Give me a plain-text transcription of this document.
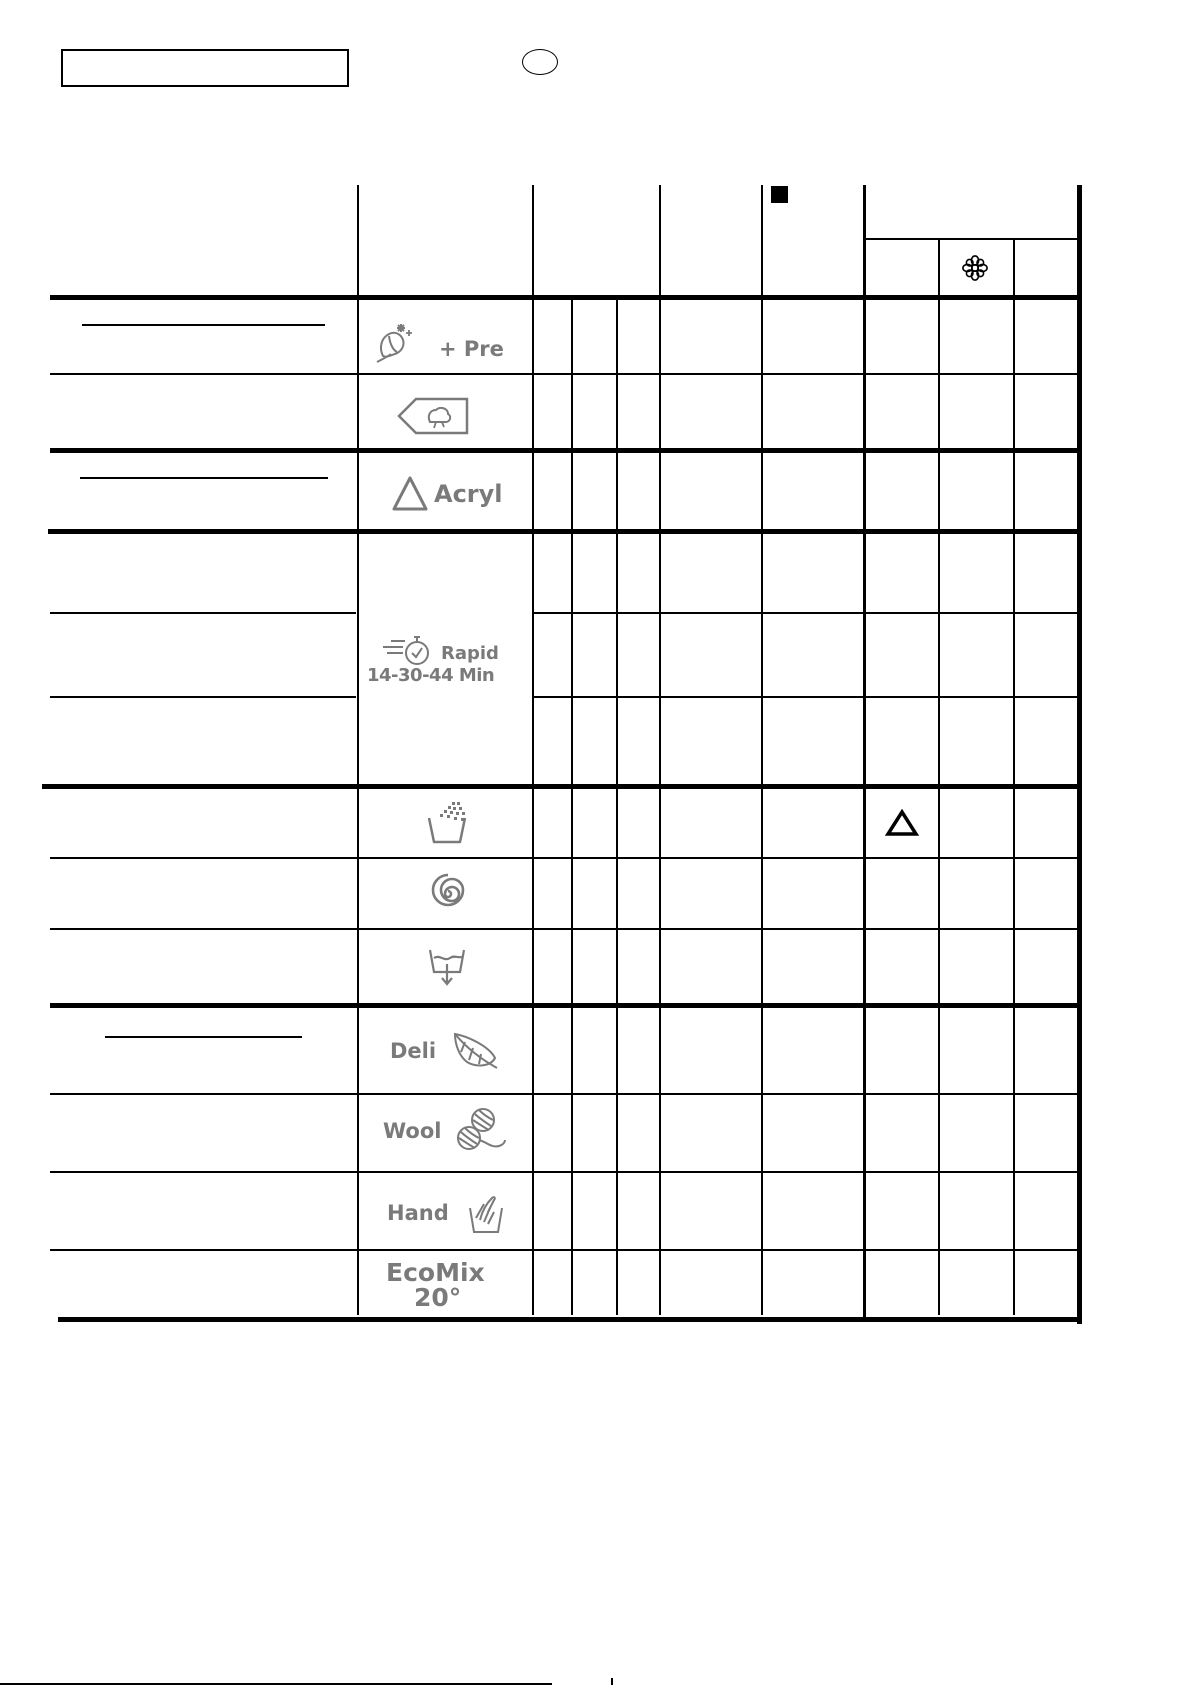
+ Pre
Acryl
Rapid
14-30-44 Min
Deli
Wool
Hand
EcoMix
20°
